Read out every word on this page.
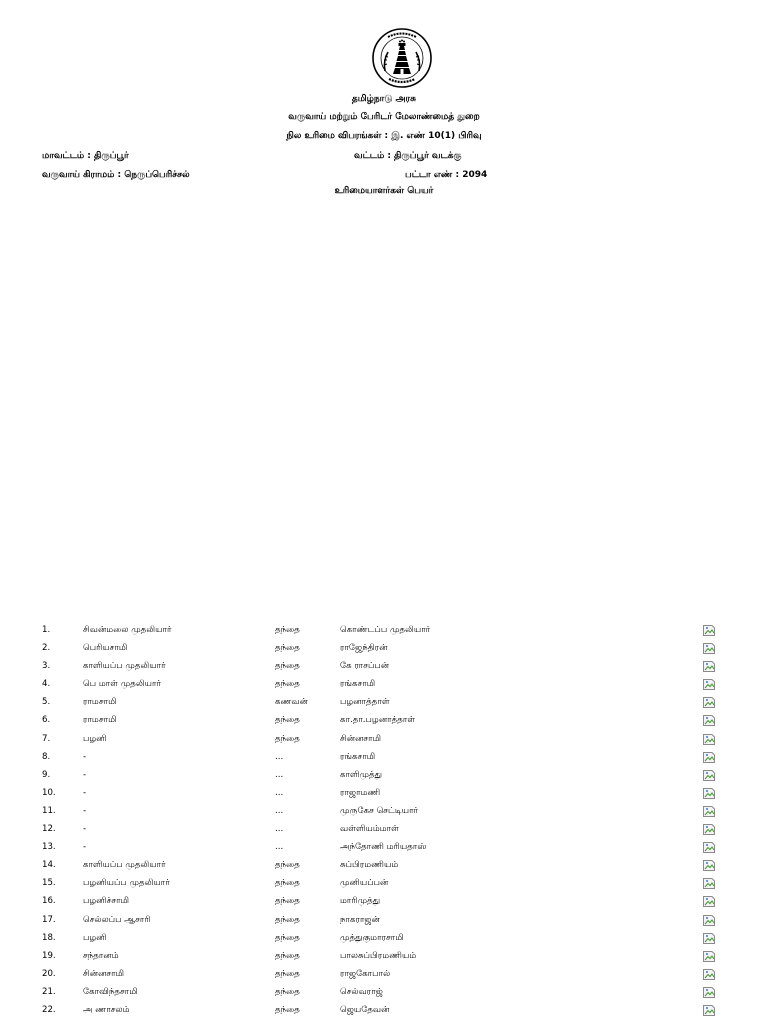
தமிழ்நாடு அரசு
வருவாய் மற்றும் பேரிடர் மேலாண்மைத் துறை
நில உரிமை விபரங்கள் : இ. எண் 10(1) பிரிவு
மாவட்டம் : திருப்பூர்	வட்டம் : திருப்பூர் வடக்கு
வருவாய் கிராமம் : நெருப்பெரிச்சல்	பட்டா எண் : 2094
உரிமையாளர்கள் பெயர்
1.	சிவன்மலை முதலியார்	தந்தை	கொண்டப்ப முதலியார்
2.	பெரியசாமி	தந்தை	ராஜேந்திரன்
3.	காளியப்ப முதலியார்	தந்தை	கே ராசப்பன்
4.	பெ மாள் முதலியார்	தந்தை	ரங்கசாமி
5.	ராமசாமி	கணவன்	பழனாத்தாள்
6.	ராமசாமி	தந்தை	கா.தா.பழனாத்தாள்
7.	பழனி	தந்தை	சின்னசாமி
8.	-	...	ரங்கசாமி
9.	-	...	காளிமுத்து
10.	-	...	ராஜாமணி
11.	-	...	முருகேச செட்டியார்
12.	-	...	வள்ளியம்மாள்
13.	-	...	அந்தோணி மரியதாஸ்
14.	காளியப்ப முதலியார்	தந்தை	சுப்பிரமணியம்
15.	பழனியப்ப முதலியார்	தந்தை	முனியப்பன்
16.	பழனிச்சாமி	தந்தை	மாரிமுத்து
17.	செல்லப்ப ஆசாரி	தந்தை	நாகராஜன்
18.	பழனி	தந்தை	முத்துகுமாரசாமி
19.	சந்தானம்	தந்தை	பாலசுப்பிரமணியம்
20.	சின்னசாமி	தந்தை	ராஜகோபால்
21.	கோவிந்தசாமி	தந்தை	செல்வராஜ்
22.	அ ணாசலம்	தந்தை	ஜெயதேவன்
